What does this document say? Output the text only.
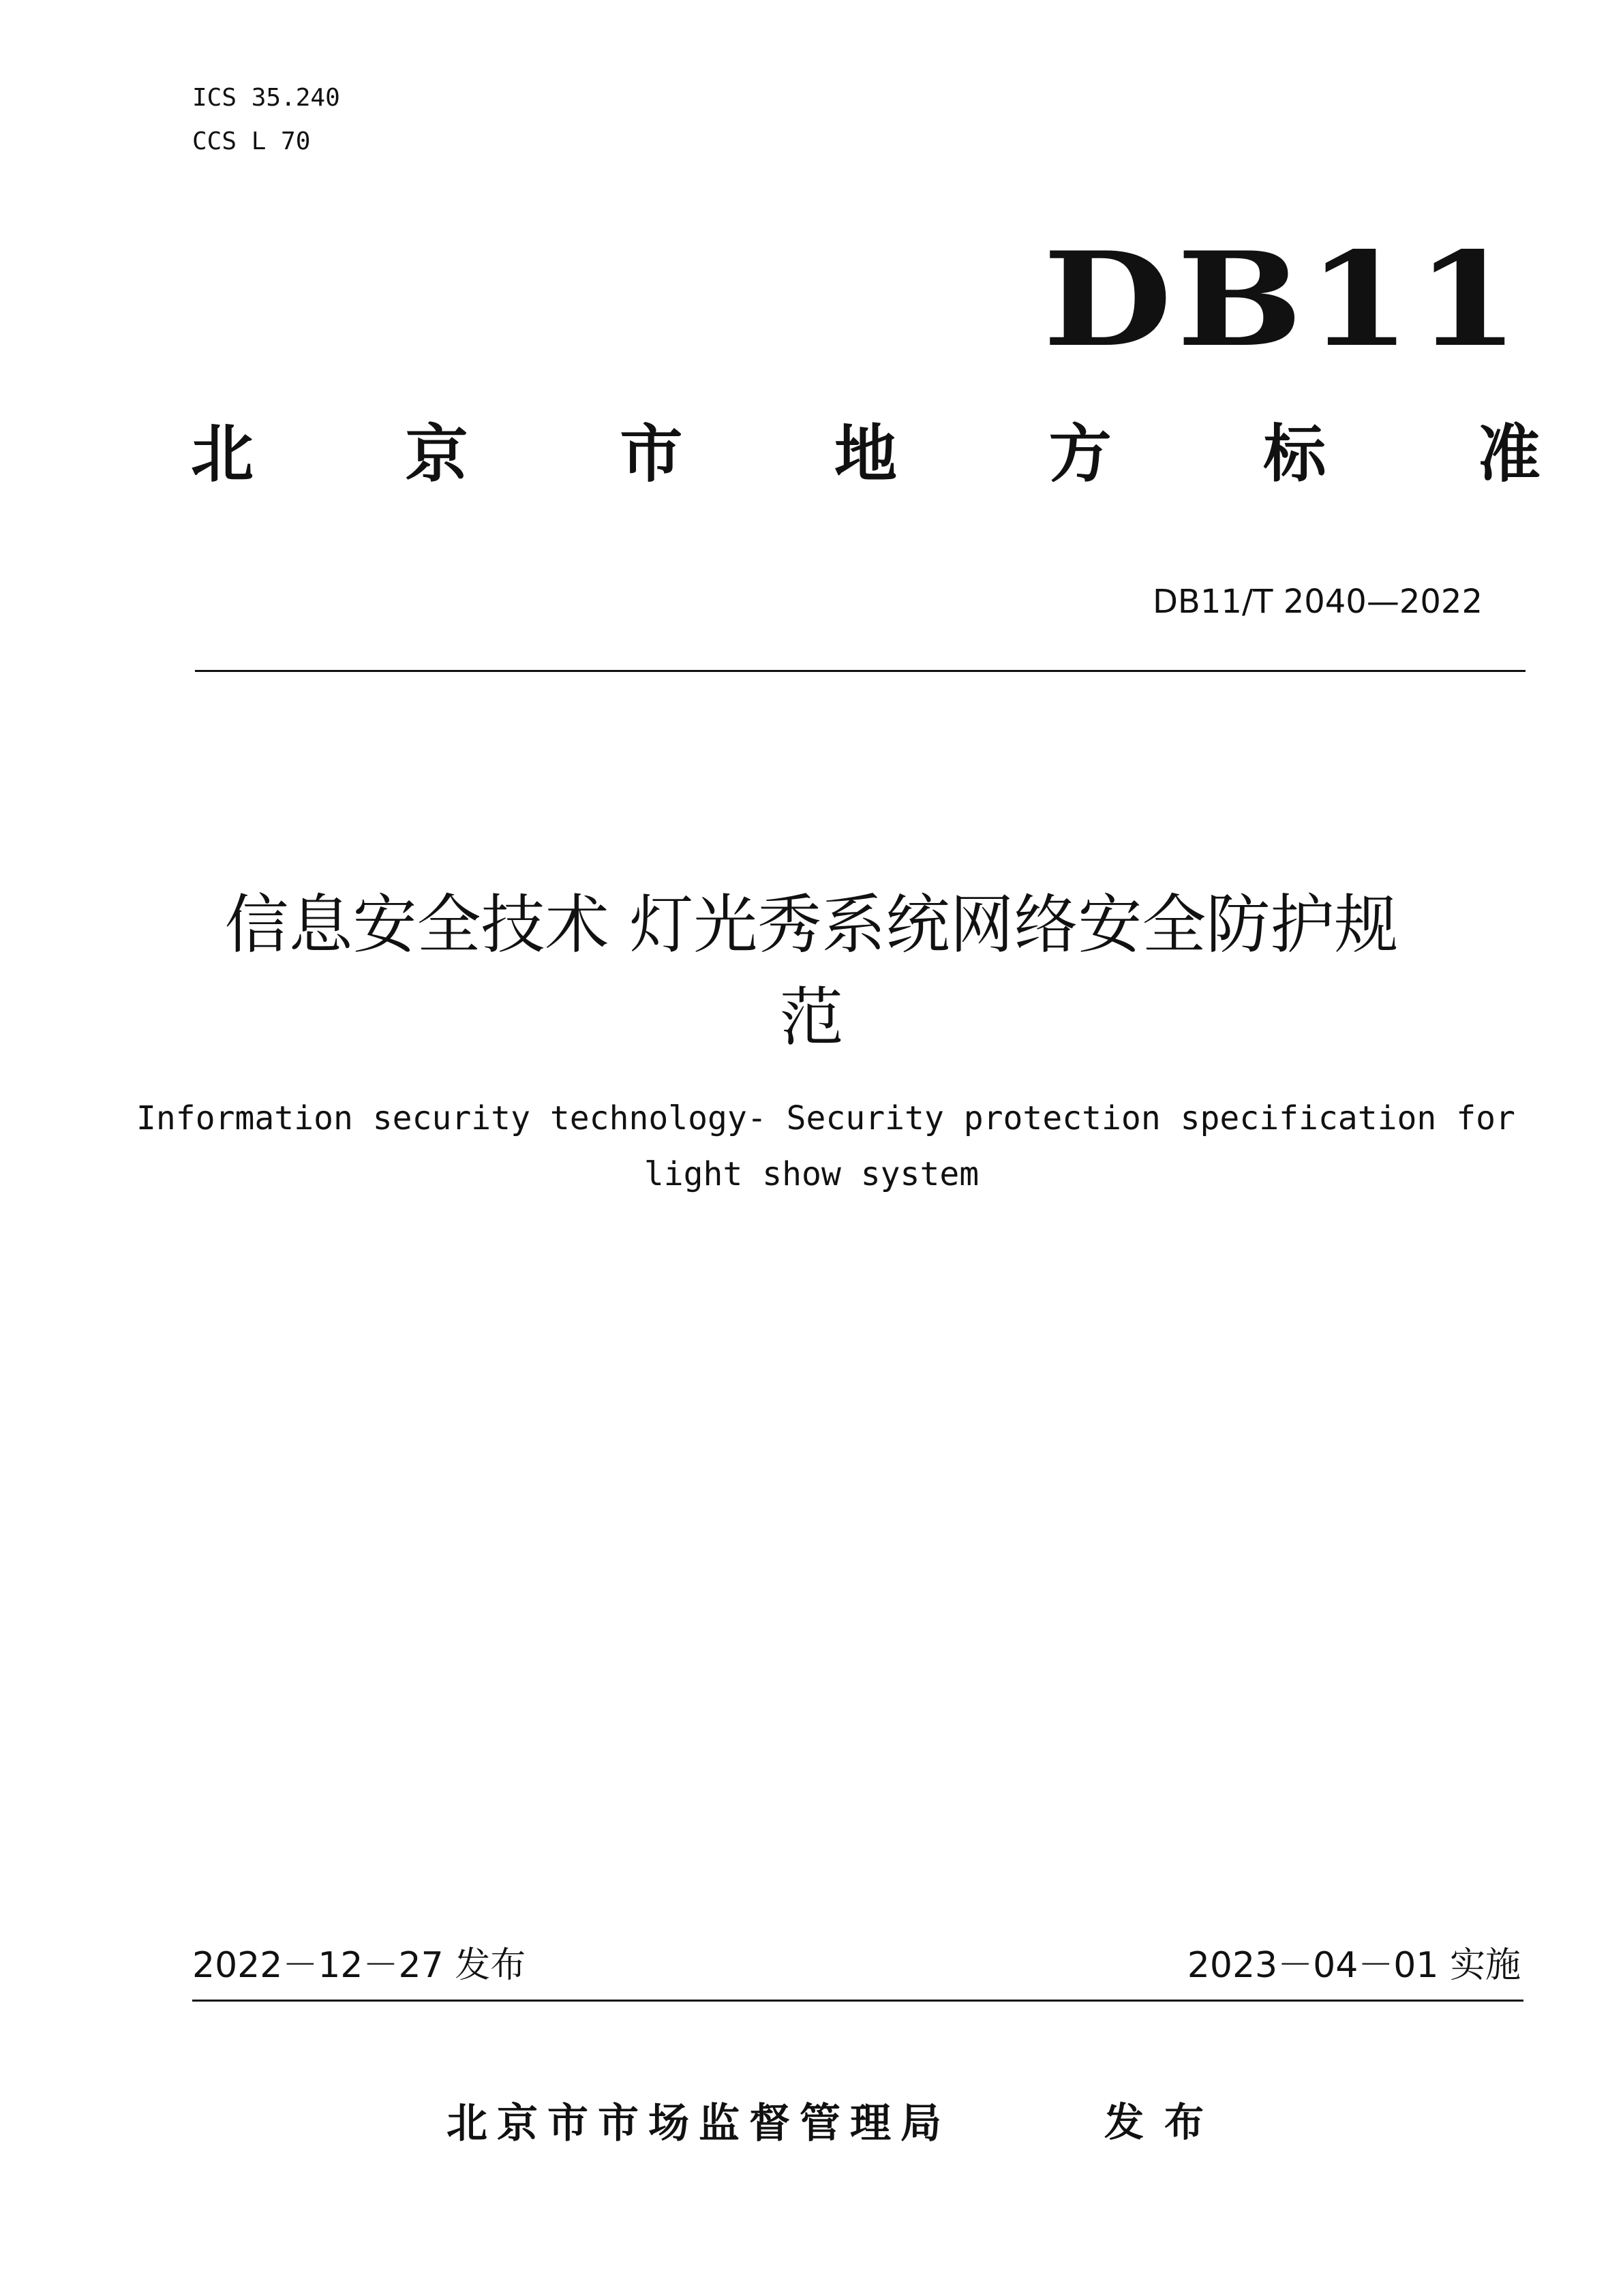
ICS 35.240
CCS L 70
DB11
北 京 市 地 方 标 准
DB11/T 2040—2022
信息安全技术 灯光秀系统网络安全防护规
范
Information security technology- Security protection specification for
light show system
2022－12－27 发布	2023－04－01 实施
北京市市场监督管理局	发布
